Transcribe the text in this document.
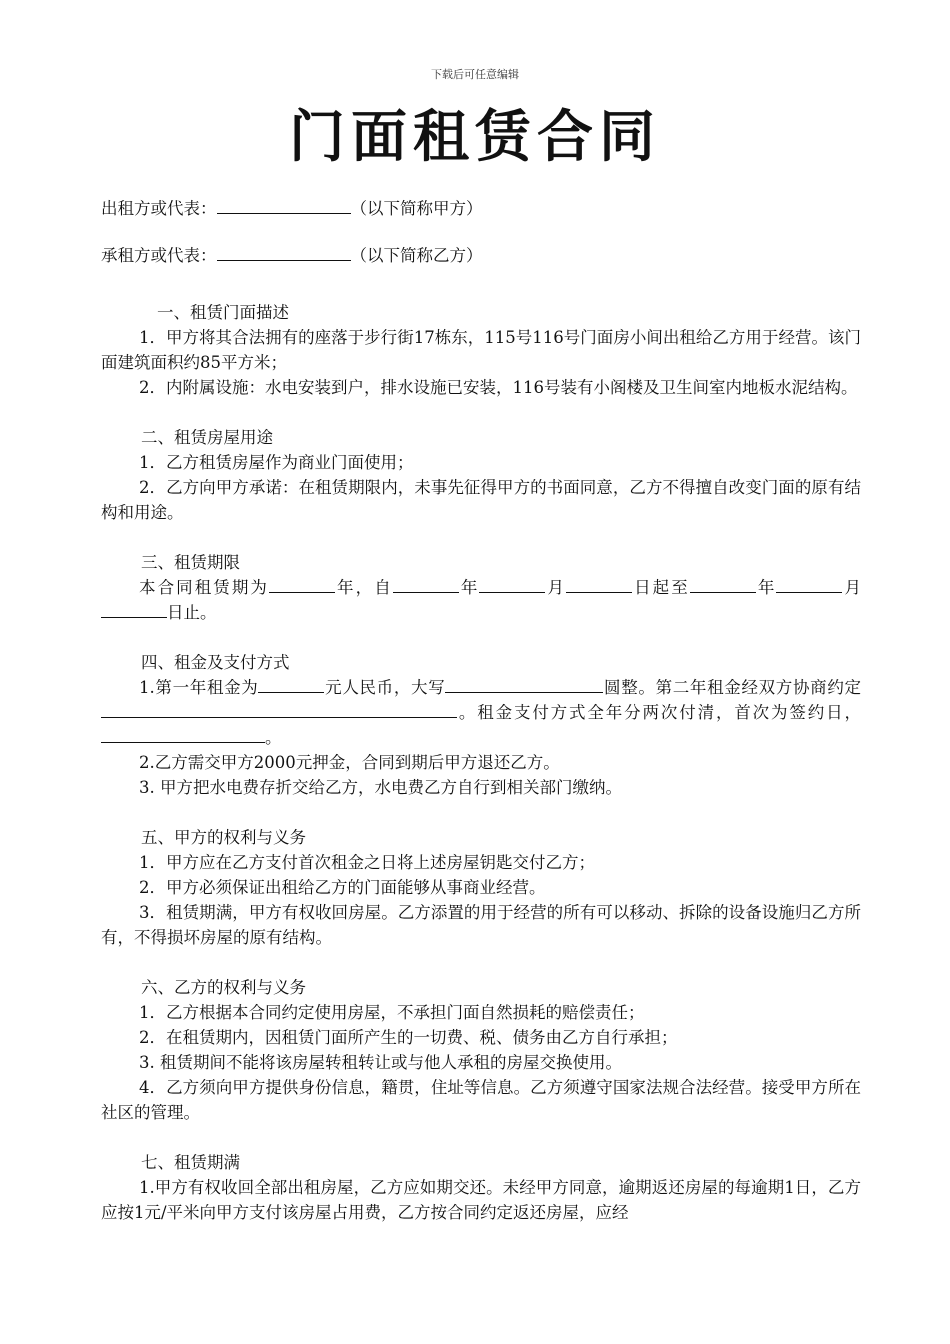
下载后可任意编辑
门面租赁合同
出租方或代表：	（以下简称甲方）
承租方或代表：	（以下简称乙方）
一、租赁门面描述
1．甲方将其合法拥有的座落于步行街17栋东，115号116号门面房小间出租给乙方用于经营。该门面建筑面积约85平方米；
2．内附属设施：水电安装到户，排水设施已安装，116号装有小阁楼及卫生间室内地板水泥结构。
二、租赁房屋用途
1．乙方租赁房屋作为商业门面使用；
2．乙方向甲方承诺：在租赁期限内，未事先征得甲方的书面同意，乙方不得擅自改变门面的原有结构和用途。
三、租赁期限
本合同租赁期为	年，自	年	月	日起至	年	月日止。
四、租金及支付方式
1.第一年租金为	元人民币，大写	圆整。第二年租金经双方协商约定。租金支付方式全年分两次付清，首次为签约日，。
2.乙方需交甲方2000元押金，合同到期后甲方退还乙方。
3. 甲方把水电费存折交给乙方，水电费乙方自行到相关部门缴纳。
五、甲方的权利与义务
1．甲方应在乙方支付首次租金之日将上述房屋钥匙交付乙方；
2．甲方必须保证出租给乙方的门面能够从事商业经营。
3．租赁期满，甲方有权收回房屋。乙方添置的用于经营的所有可以移动、拆除的设备设施归乙方所有，不得损坏房屋的原有结构。
六、乙方的权利与义务
1．乙方根据本合同约定使用房屋，不承担门面自然损耗的赔偿责任；
2．在租赁期内，因租赁门面所产生的一切费、税、债务由乙方自行承担；
3. 租赁期间不能将该房屋转租转让或与他人承租的房屋交换使用。
4．乙方须向甲方提供身份信息，籍贯，住址等信息。乙方须遵守国家法规合法经营。接受甲方所在社区的管理。
七、租赁期满
1.甲方有权收回全部出租房屋，乙方应如期交还。未经甲方同意，逾期返还房屋的每逾期1日，乙方应按1元/平米向甲方支付该房屋占用费，乙方按合同约定返还房屋，应经
